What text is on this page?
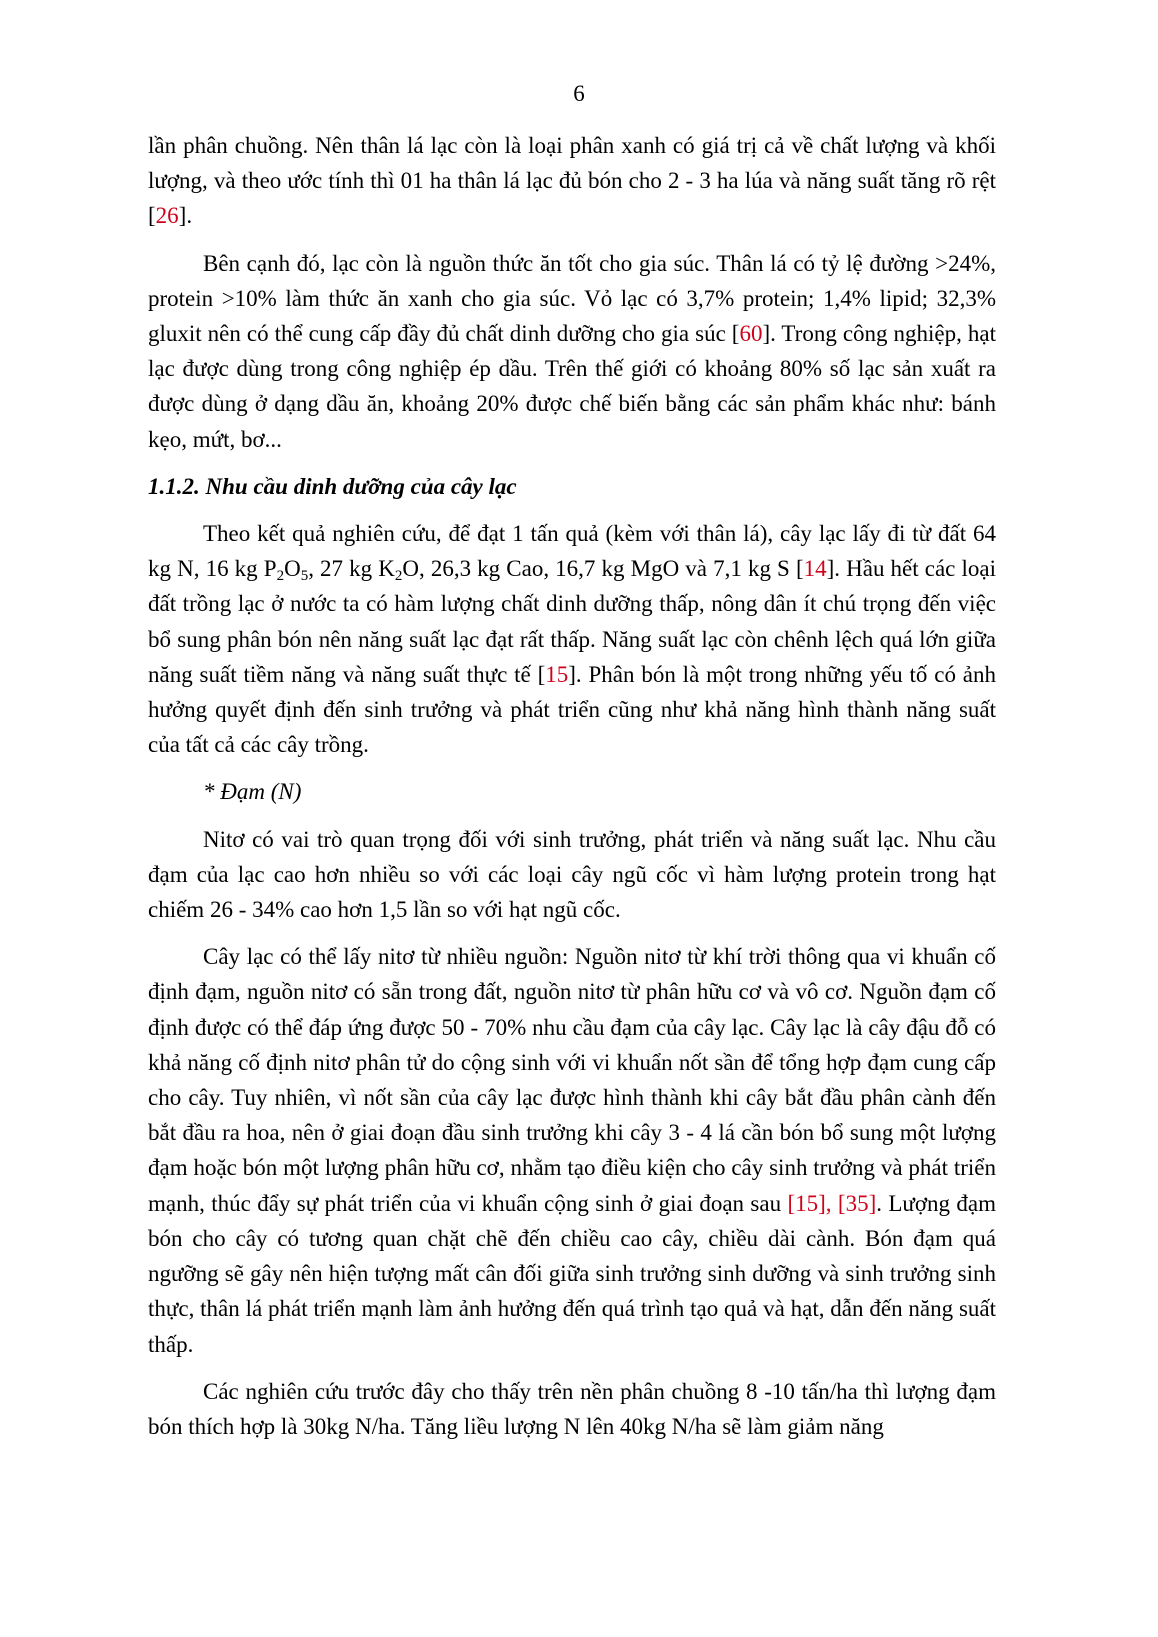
6

lần phân chuồng. Nên thân lá lạc còn là loại phân xanh có giá trị cả về chất lượng và khối lượng, và theo ước tính thì 01 ha thân lá lạc đủ bón cho 2 - 3 ha lúa và năng suất tăng rõ rệt [26].

Bên cạnh đó, lạc còn là nguồn thức ăn tốt cho gia súc. Thân lá có tỷ lệ đường >24%, protein >10% làm thức ăn xanh cho gia súc. Vỏ lạc có 3,7% protein; 1,4% lipid; 32,3% gluxit nên có thể cung cấp đầy đủ chất dinh dưỡng cho gia súc [60]. Trong công nghiệp, hạt lạc được dùng trong công nghiệp ép dầu. Trên thế giới có khoảng 80% số lạc sản xuất ra được dùng ở dạng dầu ăn, khoảng 20% được chế biến bằng các sản phẩm khác như: bánh kẹo, mứt, bơ...

1.1.2. Nhu cầu dinh dưỡng của cây lạc

Theo kết quả nghiên cứu, để đạt 1 tấn quả (kèm với thân lá), cây lạc lấy đi từ đất 64 kg N, 16 kg $P_2O_5$, 27 kg $K_2O$, 26,3 kg Cao, 16,7 kg MgO và 7,1 kg S [14]. Hầu hết các loại đất trồng lạc ở nước ta có hàm lượng chất dinh dưỡng thấp, nông dân ít chú trọng đến việc bổ sung phân bón nên năng suất lạc đạt rất thấp. Năng suất lạc còn chênh lệch quá lớn giữa năng suất tiềm năng và năng suất thực tế [15]. Phân bón là một trong những yếu tố có ảnh hưởng quyết định đến sinh trưởng và phát triển cũng như khả năng hình thành năng suất của tất cả các cây trồng.

* Đạm (N)

Nitơ có vai trò quan trọng đối với sinh trưởng, phát triển và năng suất lạc. Nhu cầu đạm của lạc cao hơn nhiều so với các loại cây ngũ cốc vì hàm lượng protein trong hạt chiếm 26 - 34% cao hơn 1,5 lần so với hạt ngũ cốc.

Cây lạc có thể lấy nitơ từ nhiều nguồn: Nguồn nitơ từ khí trời thông qua vi khuẩn cố định đạm, nguồn nitơ có sẵn trong đất, nguồn nitơ từ phân hữu cơ và vô cơ. Nguồn đạm cố định được có thể đáp ứng được 50 - 70% nhu cầu đạm của cây lạc. Cây lạc là cây đậu đỗ có khả năng cố định nitơ phân tử do cộng sinh với vi khuẩn nốt sần để tổng hợp đạm cung cấp cho cây. Tuy nhiên, vì nốt sần của cây lạc được hình thành khi cây bắt đầu phân cành đến bắt đầu ra hoa, nên ở giai đoạn đầu sinh trưởng khi cây 3 - 4 lá cần bón bổ sung một lượng đạm hoặc bón một lượng phân hữu cơ, nhằm tạo điều kiện cho cây sinh trưởng và phát triển mạnh, thúc đẩy sự phát triển của vi khuẩn cộng sinh ở giai đoạn sau [15], [35]. Lượng đạm bón cho cây có tương quan chặt chẽ đến chiều cao cây, chiều dài cành. Bón đạm quá ngưỡng sẽ gây nên hiện tượng mất cân đối giữa sinh trưởng sinh dưỡng và sinh trưởng sinh thực, thân lá phát triển mạnh làm ảnh hưởng đến quá trình tạo quả và hạt, dẫn đến năng suất thấp.

Các nghiên cứu trước đây cho thấy trên nền phân chuồng 8 -10 tấn/ha thì lượng đạm bón thích hợp là 30kg N/ha. Tăng liều lượng N lên 40kg N/ha sẽ làm giảm năng
